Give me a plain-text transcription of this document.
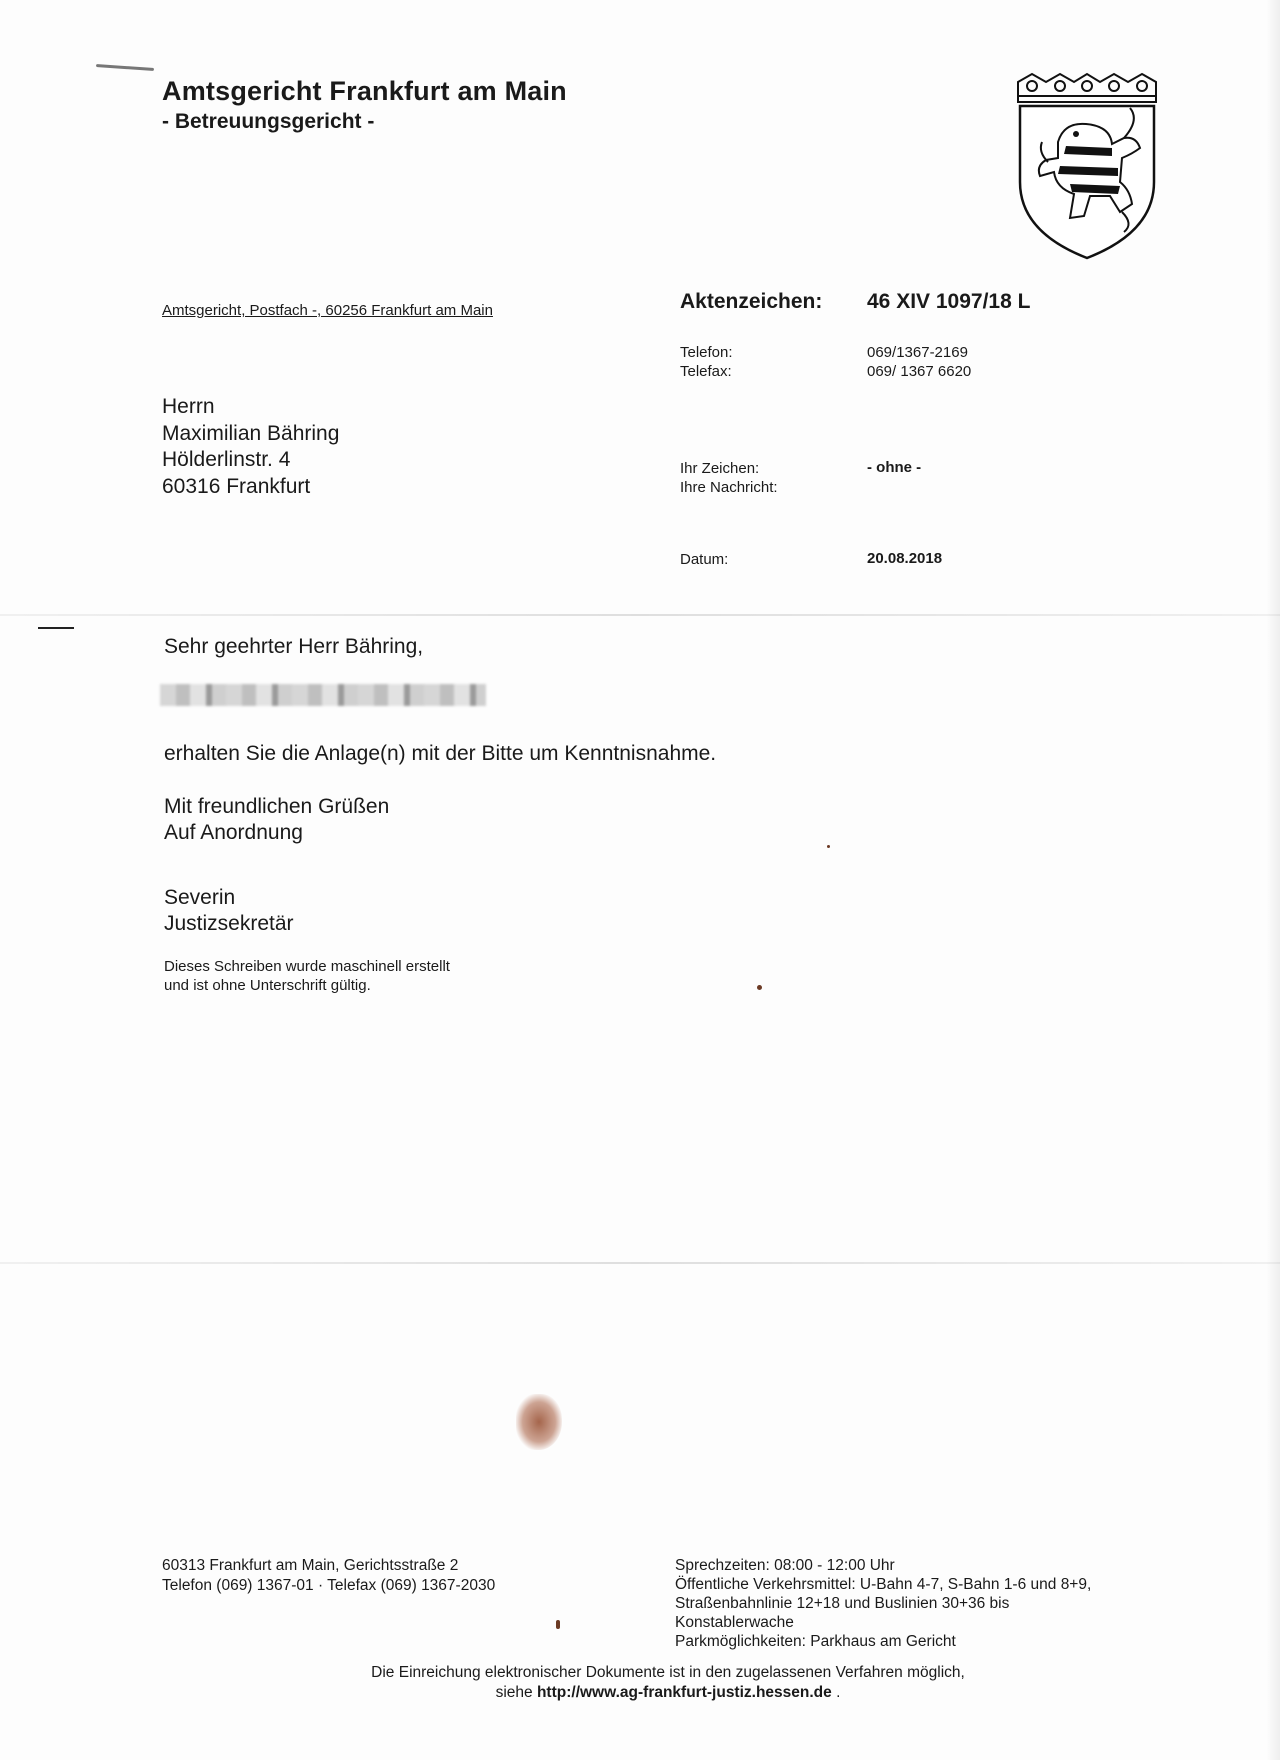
Amtsgericht Frankfurt am Main
- Betreuungsgericht -
Amtsgericht, Postfach -, 60256 Frankfurt am Main	Aktenzeichen: 46 XIV 1097/18 L
Telefon:	069/1367-2169
Telefax:	069/ 1367 6620
Ihr Zeichen:	- ohne -
Ihre Nachricht:
Datum:	20.08.2018
Herrn
Maximilian Bähring
Hölderlinstr. 4
60316 Frankfurt
Sehr geehrter Herr Bähring,
erhalten Sie die Anlage(n) mit der Bitte um Kenntnisnahme.
Mit freundlichen Grüßen
Auf Anordnung
Severin
Justizsekretär
Dieses Schreiben wurde maschinell erstellt
und ist ohne Unterschrift gültig.
60313 Frankfurt am Main, Gerichtsstraße 2
Telefon (069) 1367-01 · Telefax (069) 1367-2030
Sprechzeiten: 08:00 - 12:00 Uhr
Öffentliche Verkehrsmittel: U-Bahn 4-7, S-Bahn 1-6 und 8+9,
Straßenbahnlinie 12+18 und Buslinien 30+36 bis
Konstablerwache
Parkmöglichkeiten: Parkhaus am Gericht
Die Einreichung elektronischer Dokumente ist in den zugelassenen Verfahren möglich,
siehe http://www.ag-frankfurt-justiz.hessen.de .
